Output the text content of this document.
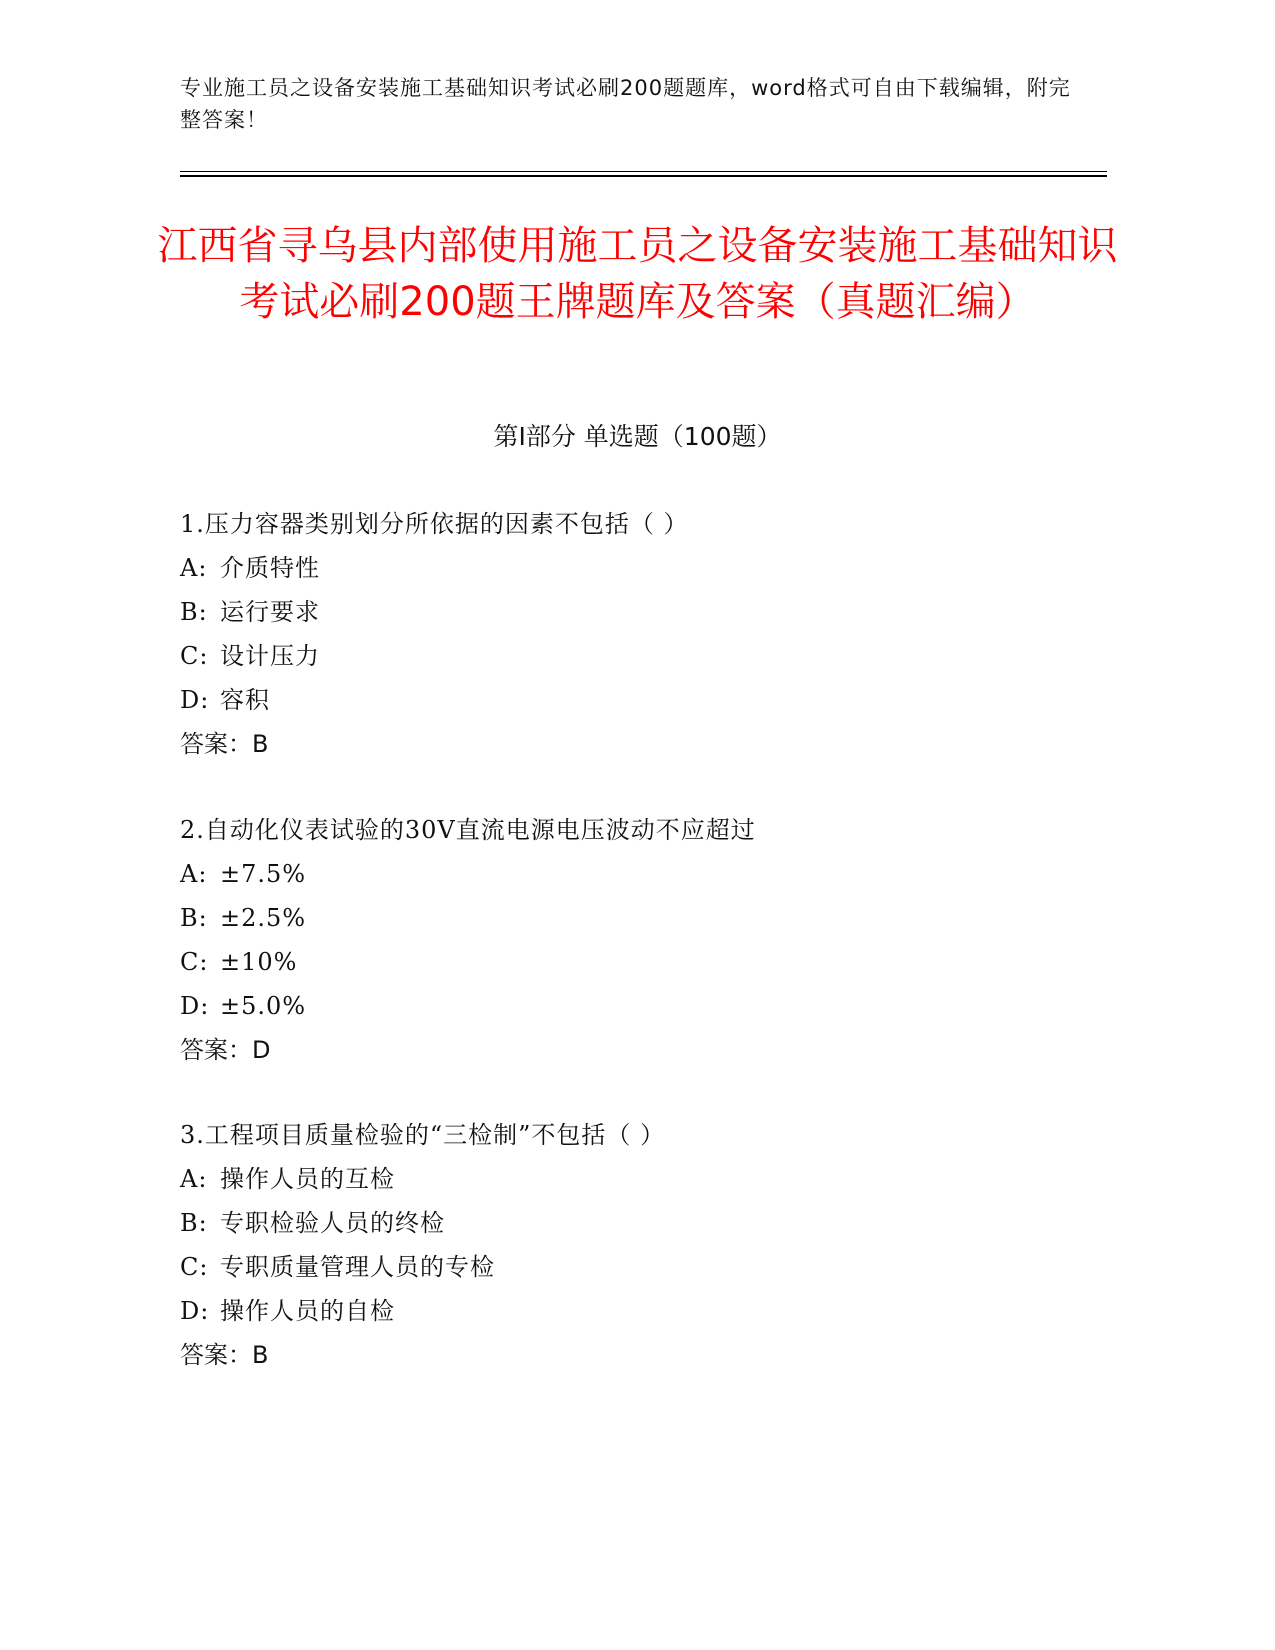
专业施工员之设备安装施工基础知识考试必刷200题题库，word格式可自由下载编辑，附完整答案！
江西省寻乌县内部使用施工员之设备安装施工基础知识考试必刷200题王牌题库及答案（真题汇编）
第I部分 单选题（100题）
1.压力容器类别划分所依据的因素不包括（ ）
A: 介质特性
B: 运行要求
C: 设计压力
D: 容积
答案：B
2.自动化仪表试验的30V直流电源电压波动不应超过
A: ±7.5%
B: ±2.5%
C: ±10%
D: ±5.0%
答案：D
3.工程项目质量检验的“三检制”不包括（ ）
A: 操作人员的互检
B: 专职检验人员的终检
C: 专职质量管理人员的专检
D: 操作人员的自检
答案：B
